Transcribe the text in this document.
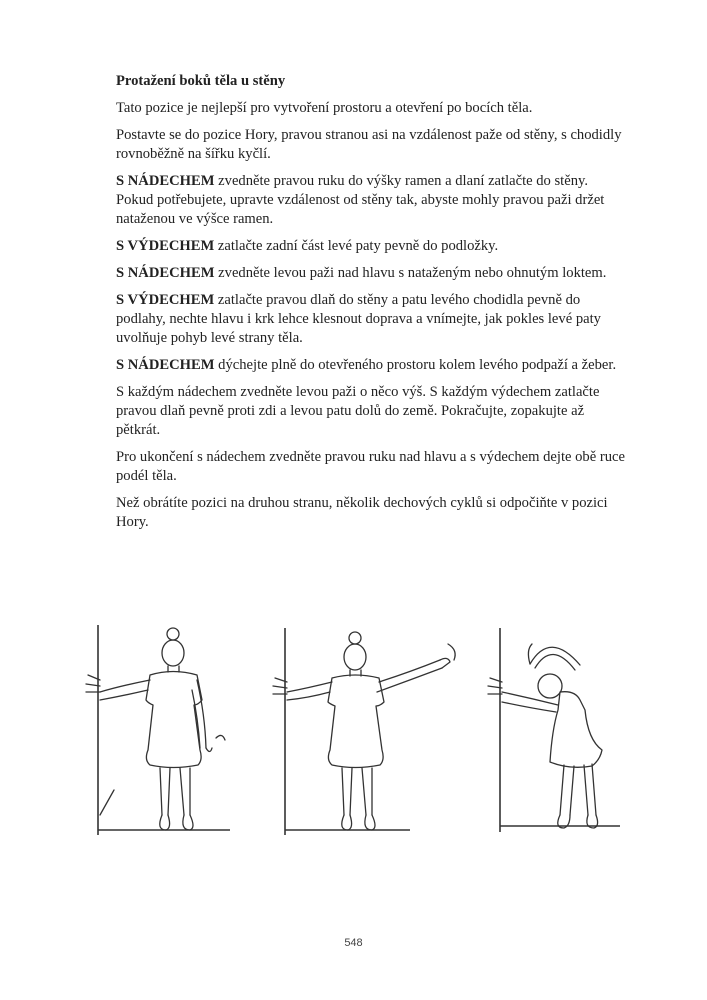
Protažení boků těla u stěny

Tato pozice je nejlepší pro vytvoření prostoru a otevření po bocích těla.

Postavte se do pozice Hory, pravou stranou asi na vzdálenost paže od stěny, s chodidly rovnoběžně na šířku kyčlí.

S NÁDECHEM zvedněte pravou ruku do výšky ramen a dlaní zatlačte do stěny. Pokud potřebujete, upravte vzdálenost od stěny tak, abyste mohly pravou paži držet nataženou ve výšce ramen.

S VÝDECHEM zatlačte zadní část levé paty pevně do podložky.

S NÁDECHEM zvedněte levou paži nad hlavu s nataženým nebo ohnutým loktem.

S VÝDECHEM zatlačte pravou dlaň do stěny a patu levého chodidla pevně do podlahy, nechte hlavu i krk lehce klesnout doprava a vnímejte, jak pokles levé paty uvolňuje pohyb levé strany těla.

S NÁDECHEM dýchejte plně do otevřeného prostoru kolem levého podpaží a žeber.

S každým nádechem zvedněte levou paži o něco výš. S každým výdechem zatlačte pravou dlaň pevně proti zdi a levou patu dolů do země. Pokračujte, zopakujte až pětkrát.

Pro ukončení s nádechem zvedněte pravou ruku nad hlavu a s výdechem dejte obě ruce podél těla.

Než obrátíte pozici na druhou stranu, několik dechových cyklů si odpočiňte v pozici Hory.

548
